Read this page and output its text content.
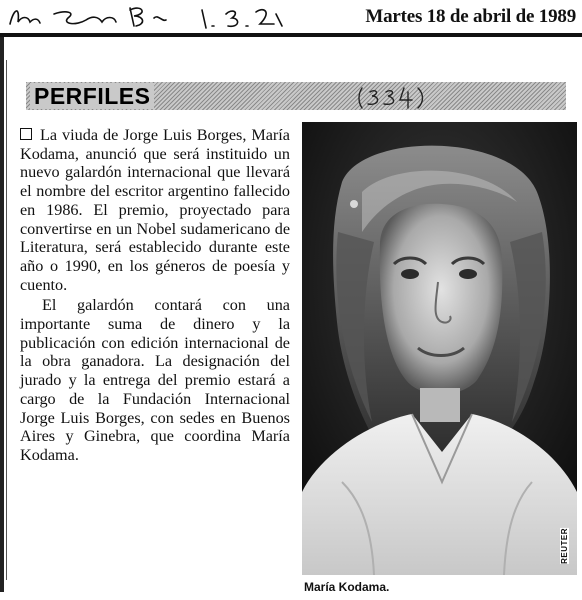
Martes 18 de abril de 1989
PERFILES

La viuda de Jorge Luis Borges, María Kodama, anunció que será instituido un nuevo galardón internacional que llevará el nombre del escritor argentino fallecido en 1986. El premio, proyectado para convertirse en un Nobel sudamericano de Literatura, será establecido durante este año o 1990, en los géneros de poesía y cuento.

El galardón contará con una importante suma de dinero y la publicación con edición internacional de la obra ganadora. La designación del jurado y la entrega del premio estará a cargo de la Fundación Internacional Jorge Luis Borges, con sedes en Buenos Aires y Ginebra, que coordina María Kodama.

REUTER
María Kodama.
